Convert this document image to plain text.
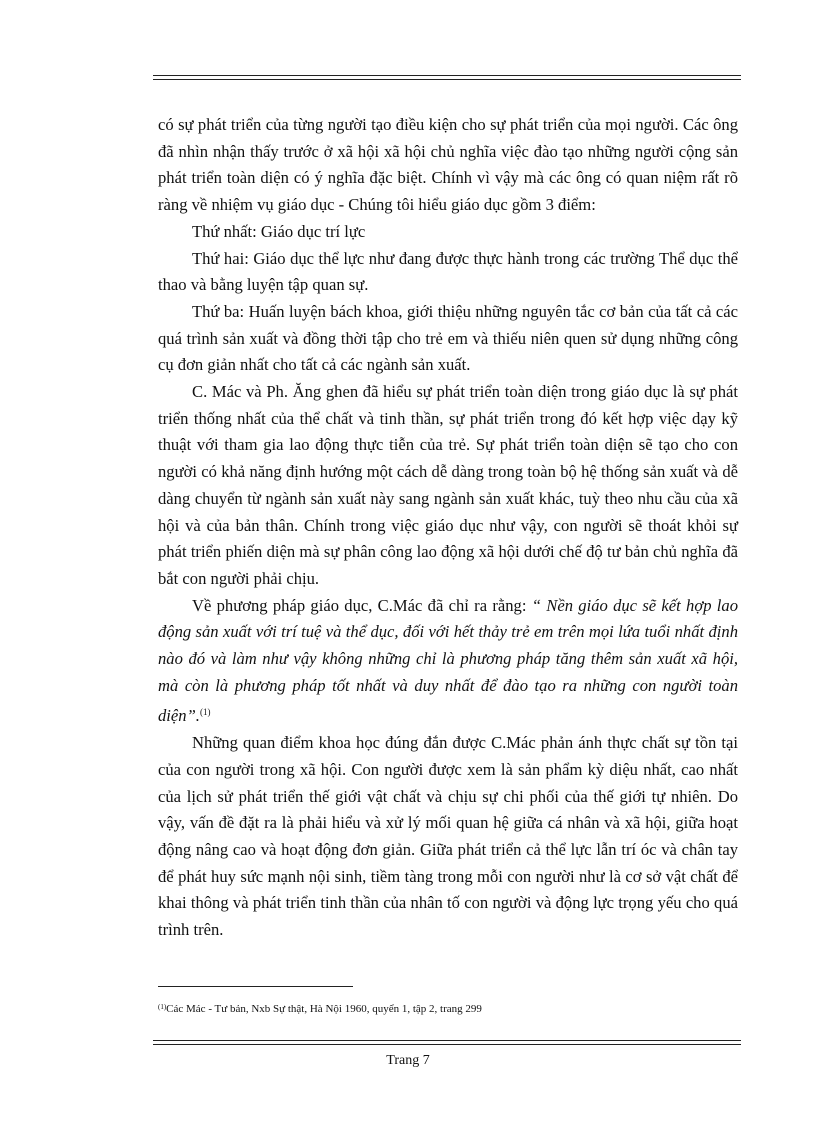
có sự phát triển của từng người tạo điều kiện cho sự phát triển của mọi người. Các ông đã nhìn nhận thấy trước ở xã hội xã hội chủ nghĩa việc đào tạo những người cộng sản phát triển toàn diện có ý nghĩa đặc biệt. Chính vì vậy mà các ông có quan niệm rất rõ ràng về nhiệm vụ giáo dục - Chúng tôi hiểu giáo dục gồm 3 điểm:

Thứ nhất: Giáo dục trí lực

Thứ hai: Giáo dục thể lực như đang được thực hành trong các trường Thể dục thể thao và bằng luyện tập quan sự.

Thứ ba: Huấn luyện bách khoa, giới thiệu những nguyên tắc cơ bản của tất cả các quá trình sản xuất và đồng thời tập cho trẻ em và thiếu niên quen sử dụng những công cụ đơn giản nhất cho tất cả các ngành sản xuất.

C. Mác và Ph. Ăng ghen đã hiểu sự phát triển toàn diện trong giáo dục là sự phát triển thống nhất của thể chất và tinh thần, sự phát triển trong đó kết hợp việc dạy kỹ thuật với tham gia lao động thực tiễn của trẻ. Sự phát triển toàn diện sẽ tạo cho con người có khả năng định hướng một cách dễ dàng trong toàn bộ hệ thống sản xuất và dễ dàng chuyển từ ngành sản xuất này sang ngành sản xuất khác, tuỳ theo nhu cầu của xã hội và của bản thân. Chính trong việc giáo dục như vậy, con người sẽ thoát khỏi sự phát triển phiến diện mà sự phân công lao động xã hội dưới chế độ tư bản chủ nghĩa đã bắt con người phải chịu.

Về phương pháp giáo dục, C.Mác đã chỉ ra rằng: “ Nền giáo dục sẽ kết hợp lao động sản xuất với trí tuệ và thể dục, đối với hết thảy trẻ em trên mọi lứa tuổi nhất định nào đó và làm như vậy không những chỉ là phương pháp tăng thêm sản xuất xã hội, mà còn là phương pháp tốt nhất và duy nhất để đào tạo ra những con người toàn diện”.$^{(1)}$

Những quan điểm khoa học đúng đắn được C.Mác phản ánh thực chất sự tồn tại của con người trong xã hội. Con người được xem là sản phẩm kỳ diệu nhất, cao nhất của lịch sử phát triển thế giới vật chất và chịu sự chi phối của thế giới tự nhiên. Do vậy, vấn đề đặt ra là phải hiểu và xử lý mối quan hệ giữa cá nhân và xã hội, giữa hoạt động nâng cao và hoạt động đơn giản. Giữa phát triển cả thể lực lẫn trí óc và chân tay để phát huy sức mạnh nội sinh, tiềm tàng trong mỗi con người như là cơ sở vật chất để khai thông và phát triển tinh thần của nhân tố con người và động lực trọng yếu cho quá trình trên.

$^{(1)}$Các Mác - Tư bản, Nxb Sự thật, Hà Nội 1960, quyển 1, tập 2, trang 299
Trang 7
